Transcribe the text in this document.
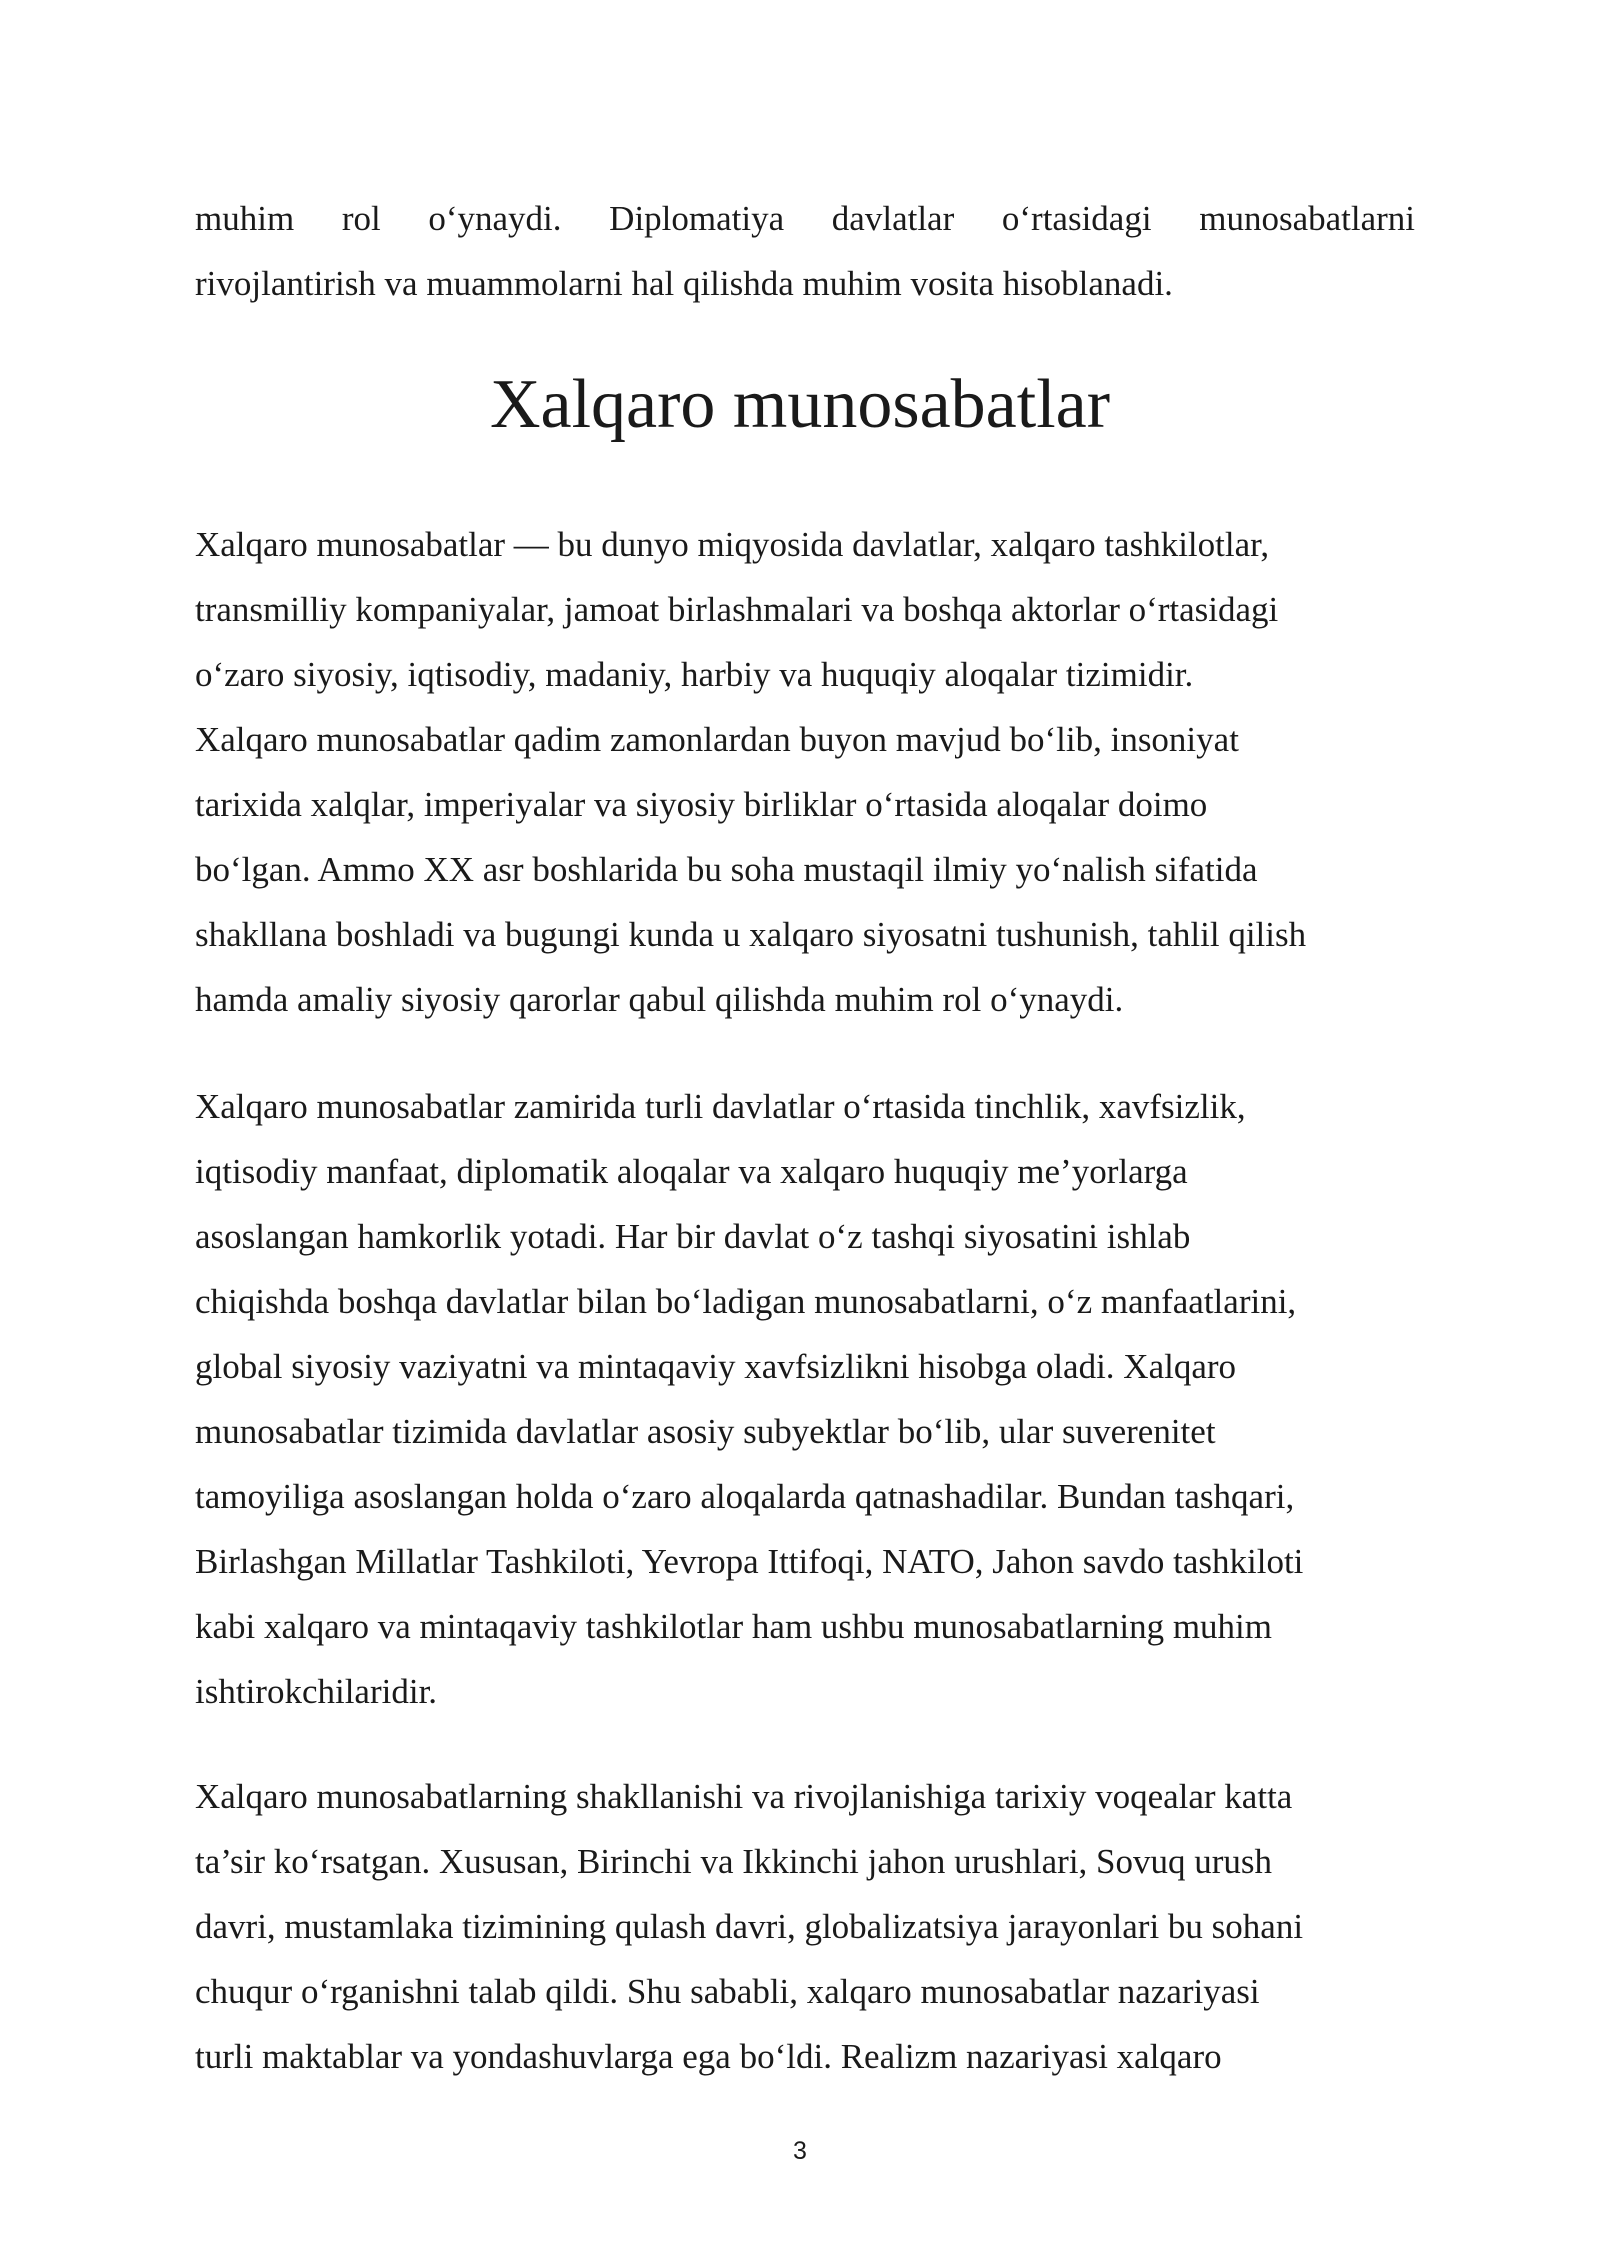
muhim rol o‘ynaydi. Diplomatiya davlatlar o‘rtasidagi munosabatlarni
rivojlantirish va muammolarni hal qilishda muhim vosita hisoblanadi.

Xalqaro munosabatlar

Xalqaro munosabatlar — bu dunyo miqyosida davlatlar, xalqaro tashkilotlar,
transmilliy kompaniyalar, jamoat birlashmalari va boshqa aktorlar o‘rtasidagi
o‘zaro siyosiy, iqtisodiy, madaniy, harbiy va huquqiy aloqalar tizimidir.
Xalqaro munosabatlar qadim zamonlardan buyon mavjud bo‘lib, insoniyat
tarixida xalqlar, imperiyalar va siyosiy birliklar o‘rtasida aloqalar doimo
bo‘lgan. Ammo XX asr boshlarida bu soha mustaqil ilmiy yo‘nalish sifatida
shakllana boshladi va bugungi kunda u xalqaro siyosatni tushunish, tahlil qilish
hamda amaliy siyosiy qarorlar qabul qilishda muhim rol o‘ynaydi.

Xalqaro munosabatlar zamirida turli davlatlar o‘rtasida tinchlik, xavfsizlik,
iqtisodiy manfaat, diplomatik aloqalar va xalqaro huquqiy me’yorlarga
asoslangan hamkorlik yotadi. Har bir davlat o‘z tashqi siyosatini ishlab
chiqishda boshqa davlatlar bilan bo‘ladigan munosabatlarni, o‘z manfaatlarini,
global siyosiy vaziyatni va mintaqaviy xavfsizlikni hisobga oladi. Xalqaro
munosabatlar tizimida davlatlar asosiy subyektlar bo‘lib, ular suverenitet
tamoyiliga asoslangan holda o‘zaro aloqalarda qatnashadilar. Bundan tashqari,
Birlashgan Millatlar Tashkiloti, Yevropa Ittifoqi, NATO, Jahon savdo tashkiloti
kabi xalqaro va mintaqaviy tashkilotlar ham ushbu munosabatlarning muhim
ishtirokchilaridir.

Xalqaro munosabatlarning shakllanishi va rivojlanishiga tarixiy voqealar katta
ta’sir ko‘rsatgan. Xususan, Birinchi va Ikkinchi jahon urushlari, Sovuq urush
davri, mustamlaka tizimining qulash davri, globalizatsiya jarayonlari bu sohani
chuqur o‘rganishni talab qildi. Shu sababli, xalqaro munosabatlar nazariyasi
turli maktablar va yondashuvlarga ega bo‘ldi. Realizm nazariyasi xalqaro

3
